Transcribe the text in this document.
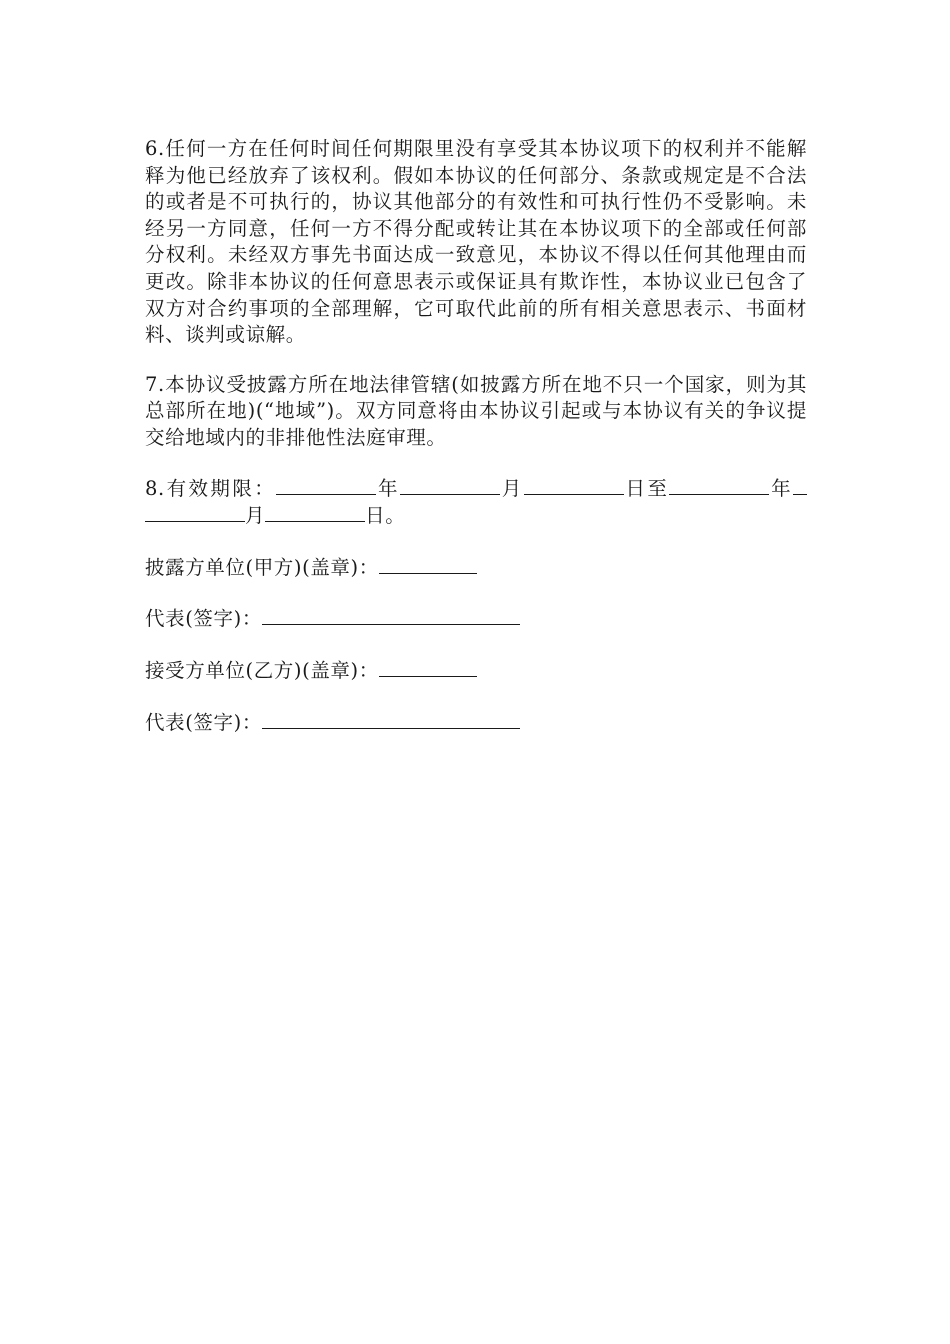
6.任何一方在任何时间任何期限里没有享受其本协议项下的权利并不能解释为他已经放弃了该权利。假如本协议的任何部分、条款或规定是不合法的或者是不可执行的，协议其他部分的有效性和可执行性仍不受影响。未经另一方同意，任何一方不得分配或转让其在本协议项下的全部或任何部分权利。未经双方事先书面达成一致意见，本协议不得以任何其他理由而更改。除非本协议的任何意思表示或保证具有欺诈性，本协议业已包含了双方对合约事项的全部理解，它可取代此前的所有相关意思表示、书面材料、谈判或谅解。

7.本协议受披露方所在地法律管辖(如披露方所在地不只一个国家，则为其总部所在地)(“地域”)。双方同意将由本协议引起或与本协议有关的争议提交给地域内的非排他性法庭审理。

8.有效期限：	年	月	日至	年月	日。

披露方单位(甲方)(盖章)：

代表(签字)：

接受方单位(乙方)(盖章)：

代表(签字)：
